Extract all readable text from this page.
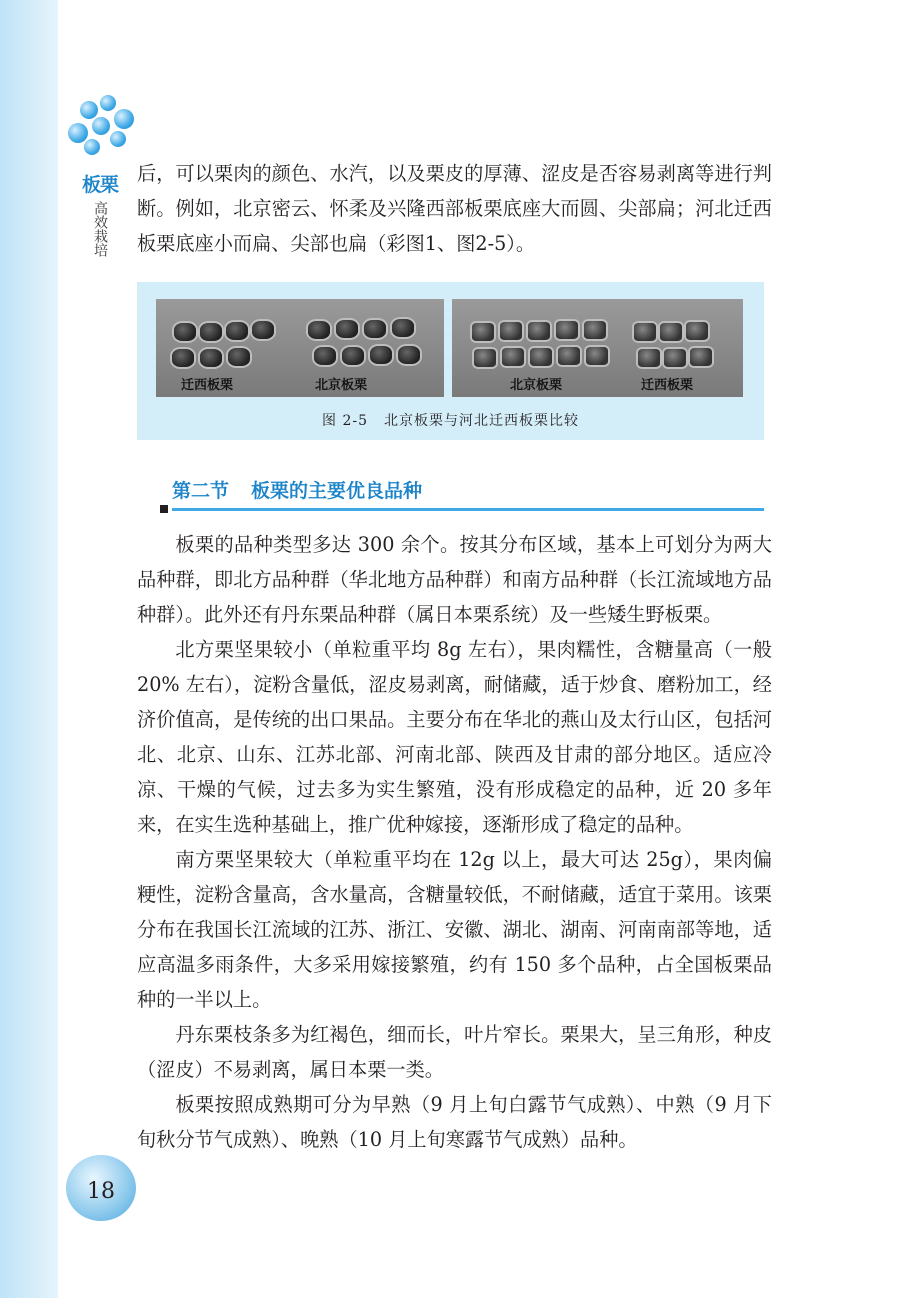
板栗
高效栽培

后，可以栗肉的颜色、水汽，以及栗皮的厚薄、涩皮是否容易剥离等进行判断。例如，北京密云、怀柔及兴隆西部板栗底座大而圆、尖部扁；河北迁西板栗底座小而扁、尖部也扁（彩图1、图2-5）。

迁西板栗	北京板栗	北京板栗	迁西板栗
图 2-5 北京板栗与河北迁西板栗比较
第二节 板栗的主要优良品种

板栗的品种类型多达 300 余个。按其分布区域，基本上可划分为两大品种群，即北方品种群（华北地方品种群）和南方品种群（长江流域地方品种群）。此外还有丹东栗品种群（属日本栗系统）及一些矮生野板栗。

北方栗坚果较小（单粒重平均 8g 左右），果肉糯性，含糖量高（一般 20% 左右），淀粉含量低，涩皮易剥离，耐储藏，适于炒食、磨粉加工，经济价值高，是传统的出口果品。主要分布在华北的燕山及太行山区，包括河北、北京、山东、江苏北部、河南北部、陕西及甘肃的部分地区。适应冷凉、干燥的气候，过去多为实生繁殖，没有形成稳定的品种，近 20 多年来，在实生选种基础上，推广优种嫁接，逐渐形成了稳定的品种。

南方栗坚果较大（单粒重平均在 12g 以上，最大可达 25g），果肉偏粳性，淀粉含量高，含水量高，含糖量较低，不耐储藏，适宜于菜用。该栗分布在我国长江流域的江苏、浙江、安徽、湖北、湖南、河南南部等地，适应高温多雨条件，大多采用嫁接繁殖，约有 150 多个品种，占全国板栗品种的一半以上。

丹东栗枝条多为红褐色，细而长，叶片窄长。栗果大，呈三角形，种皮（涩皮）不易剥离，属日本栗一类。

板栗按照成熟期可分为早熟（9 月上旬白露节气成熟）、中熟（9 月下旬秋分节气成熟）、晚熟（10 月上旬寒露节气成熟）品种。

18
